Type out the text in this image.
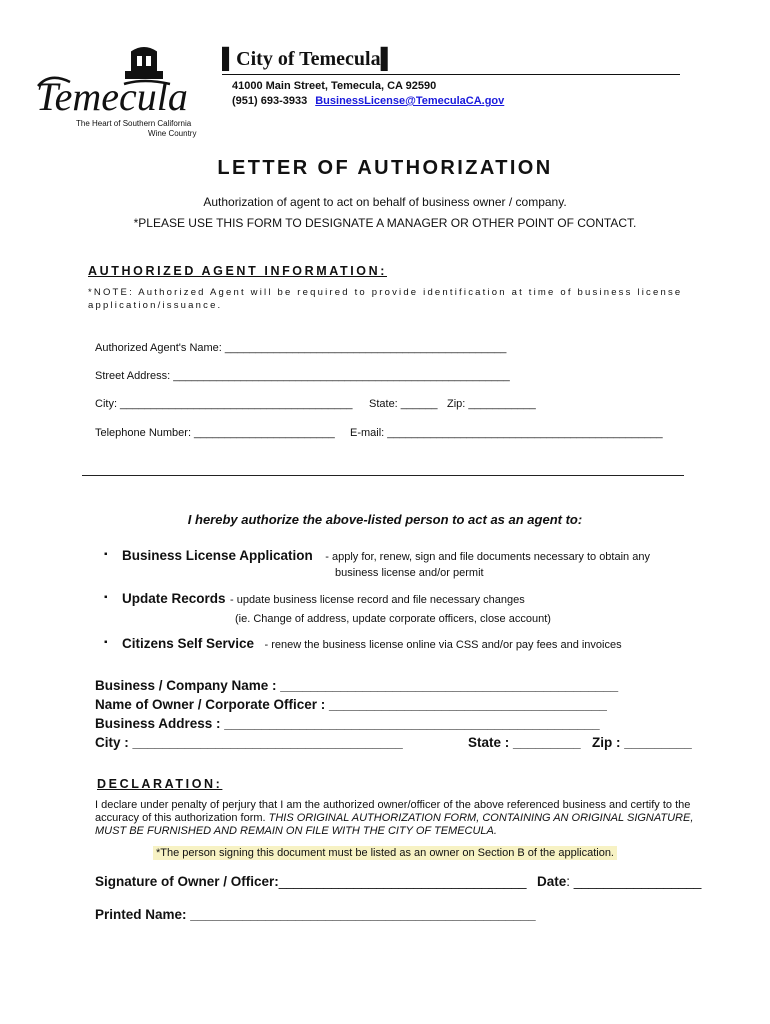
Temecula
The Heart of Southern California
Wine Country
▌City of Temecula▌
41000 Main Street, Temecula, CA 92590
(951) 693-3933 BusinessLicense@TemeculaCA.gov
LETTER OF AUTHORIZATION
Authorization of agent to act on behalf of business owner / company.
*PLEASE USE THIS FORM TO DESIGNATE A MANAGER OR OTHER POINT OF CONTACT.
AUTHORIZED AGENT INFORMATION:
*NOTE: Authorized Agent will be required to provide identification at time of business license application/issuance.
Authorized Agent's Name: ______________________________________________
Street Address: _______________________________________________________
City: ______________________________________ State: ______ Zip: ___________
Telephone Number: _______________________ E-mail: _____________________________________________
I hereby authorize the above-listed person to act as an agent to:
▪ Business License Application - apply for, renew, sign and file documents necessary to obtain any
business license and/or permit
▪ Update Records - update business license record and file necessary changes
(ie. Change of address, update corporate officers, close account)
▪ Citizens Self Service - renew the business license online via CSS and/or pay fees and invoices
Business / Company Name : _____________________________________________
Name of Owner / Corporate Officer : _____________________________________
Business Address : __________________________________________________
City : ____________________________________	State : _________ Zip : _________
DECLARATION:
I declare under penalty of perjury that I am the authorized owner/officer of the above referenced business and certify to the accuracy of this authorization form. THIS ORIGINAL AUTHORIZATION FORM, CONTAINING AN ORIGINAL SIGNATURE, MUST BE FURNISHED AND REMAIN ON FILE WITH THE CITY OF TEMECULA.
*The person signing this document must be listed as an owner on Section B of the application.
Signature of Owner / Officer:_________________________________ Date: _________________
Printed Name: ______________________________________________
